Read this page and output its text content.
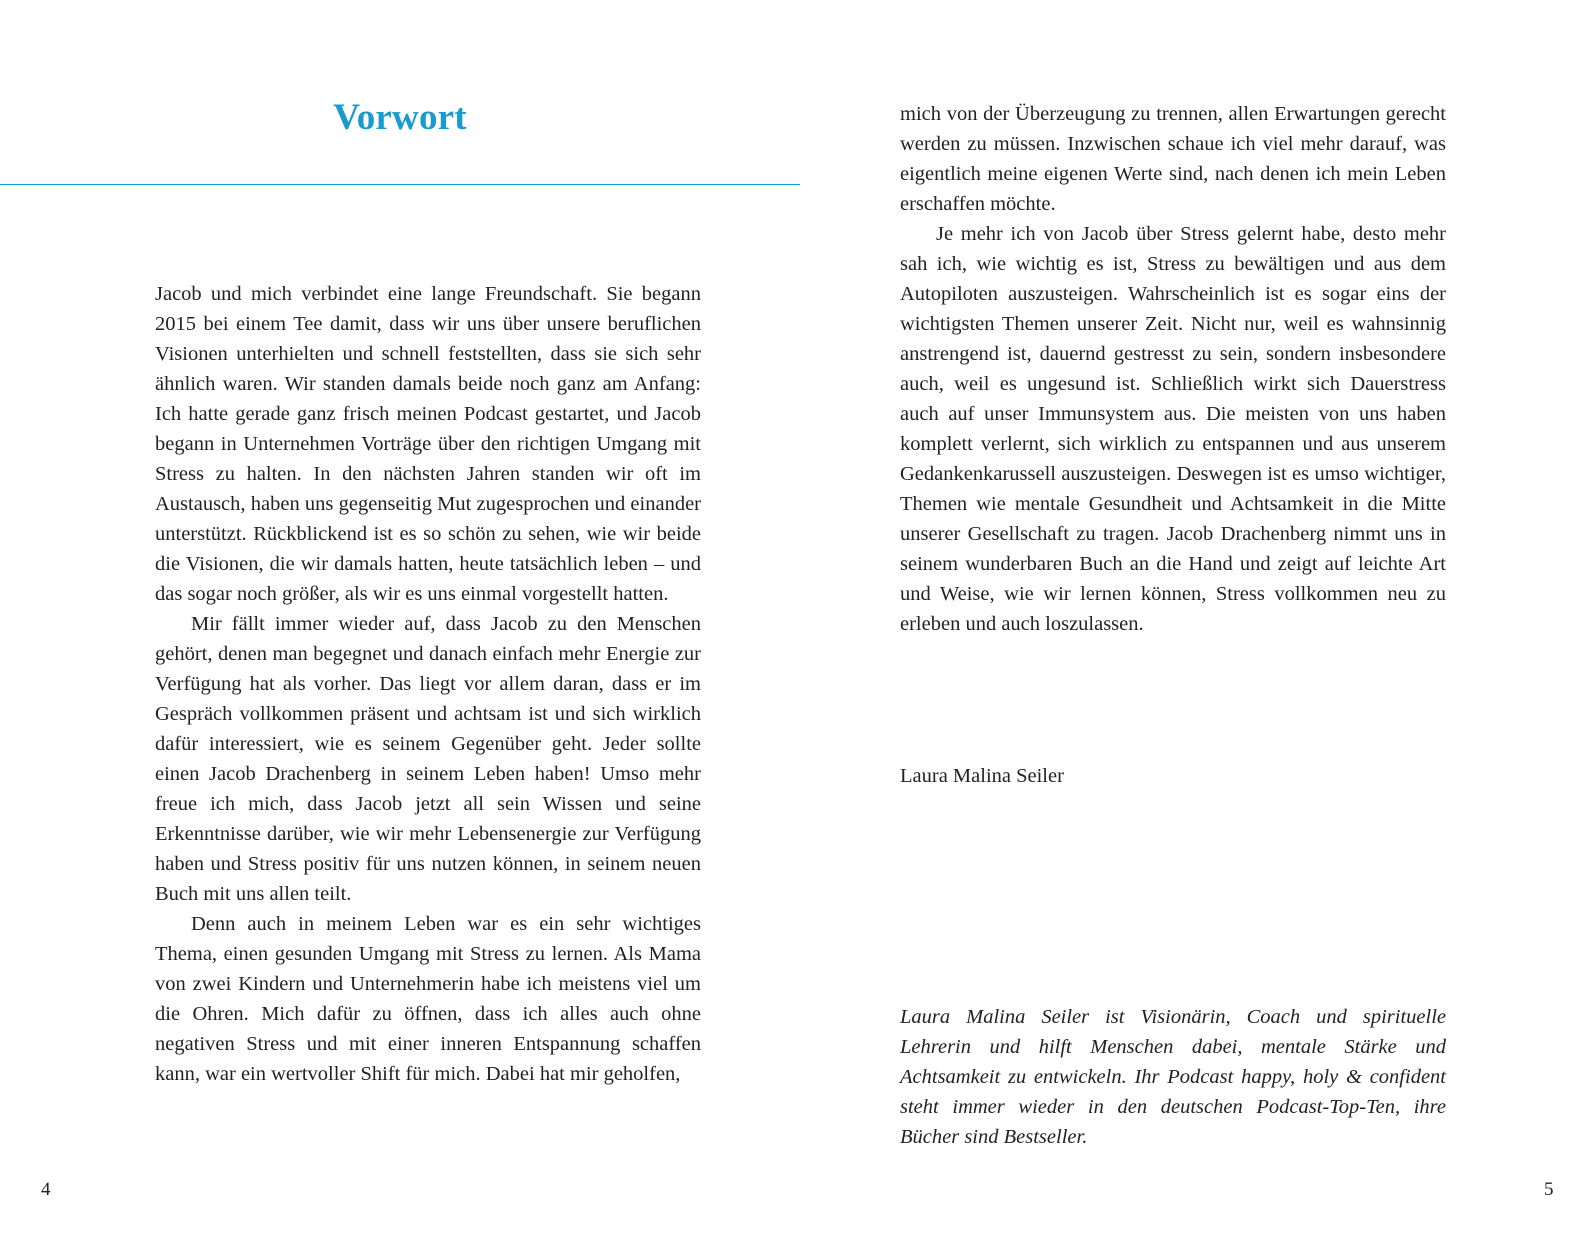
Vorwort

Jacob und mich verbindet eine lange Freundschaft. Sie begann 2015 bei einem Tee damit, dass wir uns über unsere beruflichen Visionen unterhielten und schnell feststellten, dass sie sich sehr ähnlich waren. Wir standen damals beide noch ganz am Anfang: Ich hatte gerade ganz frisch meinen Podcast gestartet, und Jacob begann in Unternehmen Vorträge über den richtigen Umgang mit Stress zu halten. In den nächsten Jahren standen wir oft im Austausch, haben uns gegenseitig Mut zugesprochen und einander unterstützt. Rückblickend ist es so schön zu sehen, wie wir beide die Visionen, die wir damals hatten, heute tatsächlich leben – und das sogar noch größer, als wir es uns einmal vorgestellt hatten.

Mir fällt immer wieder auf, dass Jacob zu den Menschen gehört, denen man begegnet und danach einfach mehr Energie zur Verfügung hat als vorher. Das liegt vor allem daran, dass er im Gespräch vollkommen präsent und achtsam ist und sich wirklich dafür interessiert, wie es seinem Gegenüber geht. Jeder sollte einen Jacob Drachenberg in seinem Leben haben! Umso mehr freue ich mich, dass Jacob jetzt all sein Wissen und seine Erkenntnisse darüber, wie wir mehr Lebensenergie zur Verfügung haben und Stress positiv für uns nutzen können, in seinem neuen Buch mit uns allen teilt.

Denn auch in meinem Leben war es ein sehr wichtiges Thema, einen gesunden Umgang mit Stress zu lernen. Als Mama von zwei Kindern und Unternehmerin habe ich meistens viel um die Ohren. Mich dafür zu öffnen, dass ich alles auch ohne negativen Stress und mit einer inneren Entspannung schaffen kann, war ein wertvoller Shift für mich. Dabei hat mir geholfen,

mich von der Überzeugung zu trennen, allen Erwartungen gerecht werden zu müssen. Inzwischen schaue ich viel mehr darauf, was eigentlich meine eigenen Werte sind, nach denen ich mein Leben erschaffen möchte.

Je mehr ich von Jacob über Stress gelernt habe, desto mehr sah ich, wie wichtig es ist, Stress zu bewältigen und aus dem Autopiloten auszusteigen. Wahrscheinlich ist es sogar eins der wichtigsten Themen unserer Zeit. Nicht nur, weil es wahnsinnig anstrengend ist, dauernd gestresst zu sein, sondern insbesondere auch, weil es ungesund ist. Schließlich wirkt sich Dauerstress auch auf unser Immunsystem aus. Die meisten von uns haben komplett verlernt, sich wirklich zu entspannen und aus unserem Gedankenkarussell auszusteigen. Deswegen ist es umso wichtiger, Themen wie mentale Gesundheit und Achtsamkeit in die Mitte unserer Gesellschaft zu tragen. Jacob Drachenberg nimmt uns in seinem wunderbaren Buch an die Hand und zeigt auf leichte Art und Weise, wie wir lernen können, Stress vollkommen neu zu erleben und auch loszulassen.

Laura Malina Seiler

Laura Malina Seiler ist Visionärin, Coach und spirituelle Lehrerin und hilft Menschen dabei, mentale Stärke und Achtsamkeit zu entwickeln. Ihr Podcast happy, holy & confident steht immer wieder in den deutschen Podcast-Top-Ten, ihre Bücher sind Bestseller.

4	5
